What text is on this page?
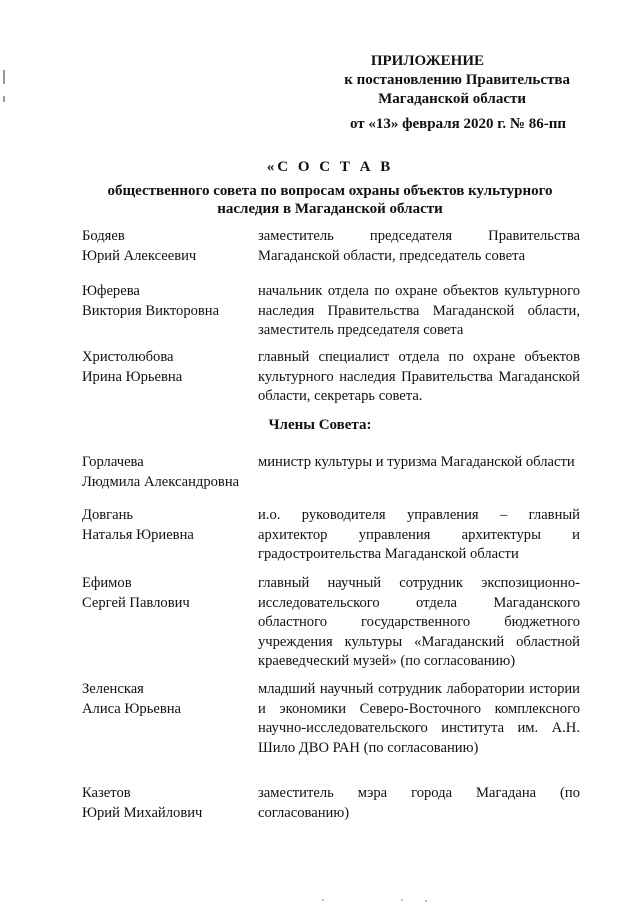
ПРИЛОЖЕНИЕ
к постановлению Правительства
Магаданской области
от «13» февраля 2020 г. № 86-пп
«С О С Т А В
общественного совета по вопросам охраны объектов культурного
наследия в Магаданской области
Бодяев
Юрий Алексеевич
заместитель председателя Правительства Магаданской области, председатель совета
Юферева
Виктория Викторовна
начальник отдела по охране объектов культурного наследия Правительства Магаданской области, заместитель председателя совета
Христолюбова
Ирина Юрьевна
главный специалист отдела по охране объектов культурного наследия Правительства Магаданской области, секретарь совета.
Члены Совета:
Горлачева
Людмила Александровна
министр культуры и туризма Магаданской области
Довгань
Наталья Юриевна
и.о. руководителя управления – главный архитектор управления архитектуры и градостроительства Магаданской области
Ефимов
Сергей Павлович
главный научный сотрудник экспозиционно-исследовательского отдела Магаданского областного государственного бюджетного учреждения культуры «Магаданский областной краеведческий музей» (по согласованию)
Зеленская
Алиса Юрьевна
младший научный сотрудник лаборатории истории и экономики Северо-Восточного комплексного научно-исследовательского института им. А.Н. Шило ДВО РАН (по согласованию)
Казетов
Юрий Михайлович
заместитель мэра города Магадана (по согласованию)
